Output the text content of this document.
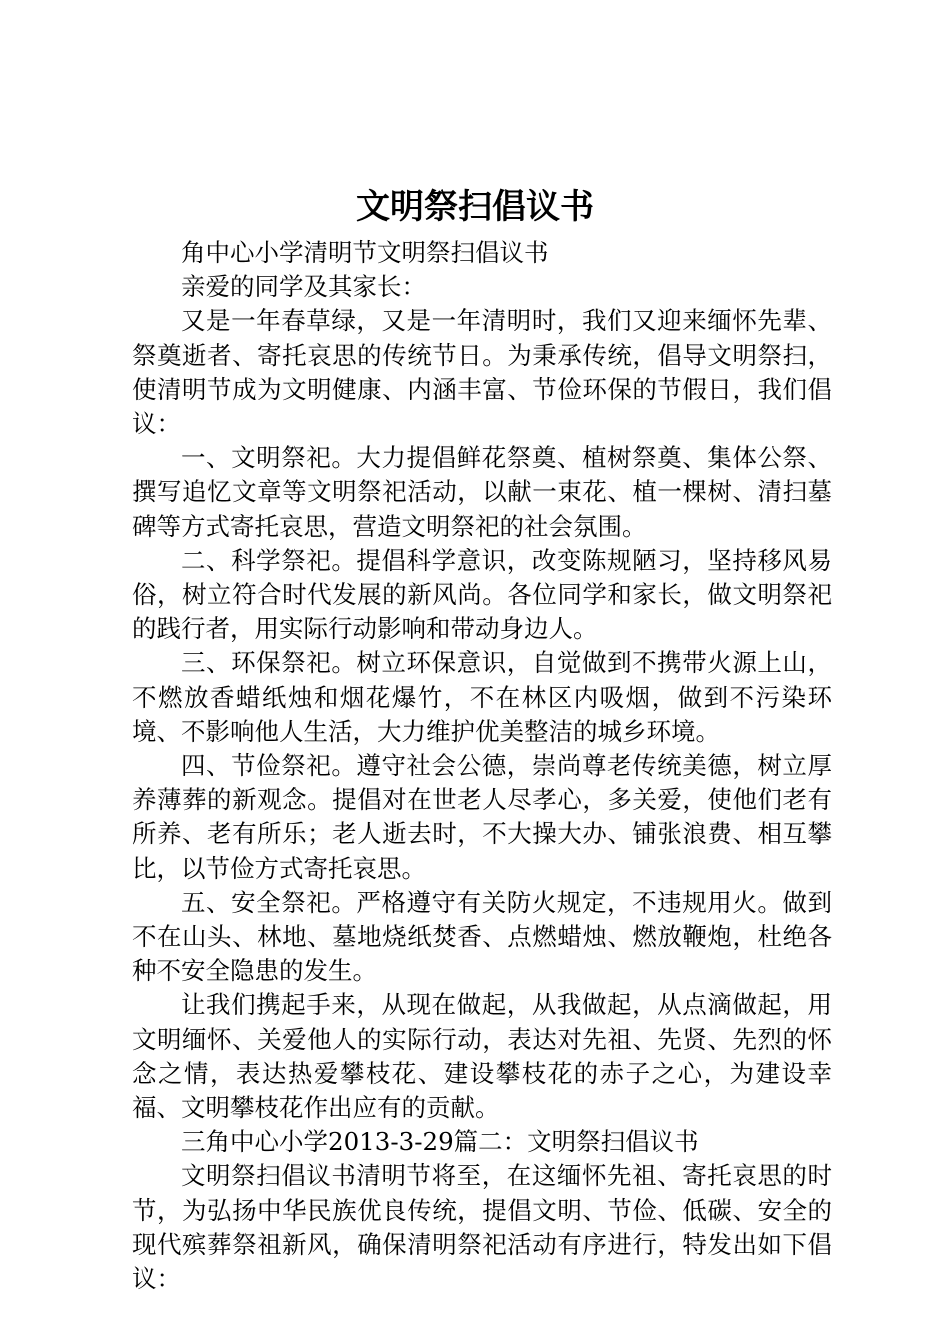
文明祭扫倡议书

角中心小学清明节文明祭扫倡议书

亲爱的同学及其家长：

又是一年春草绿，又是一年清明时，我们又迎来缅怀先辈、祭奠逝者、寄托哀思的传统节日。为秉承传统，倡导文明祭扫，使清明节成为文明健康、内涵丰富、节俭环保的节假日，我们倡议：

一、文明祭祀。大力提倡鲜花祭奠、植树祭奠、集体公祭、撰写追忆文章等文明祭祀活动，以献一束花、植一棵树、清扫墓碑等方式寄托哀思，营造文明祭祀的社会氛围。

二、科学祭祀。提倡科学意识，改变陈规陋习，坚持移风易俗，树立符合时代发展的新风尚。各位同学和家长，做文明祭祀的践行者，用实际行动影响和带动身边人。

三、环保祭祀。树立环保意识，自觉做到不携带火源上山，不燃放香蜡纸烛和烟花爆竹，不在林区内吸烟，做到不污染环境、不影响他人生活，大力维护优美整洁的城乡环境。

四、节俭祭祀。遵守社会公德，崇尚尊老传统美德，树立厚养薄葬的新观念。提倡对在世老人尽孝心，多关爱，使他们老有所养、老有所乐；老人逝去时，不大操大办、铺张浪费、相互攀比，以节俭方式寄托哀思。

五、安全祭祀。严格遵守有关防火规定，不违规用火。做到不在山头、林地、墓地烧纸焚香、点燃蜡烛、燃放鞭炮，杜绝各种不安全隐患的发生。

让我们携起手来，从现在做起，从我做起，从点滴做起，用文明缅怀、关爱他人的实际行动，表达对先祖、先贤、先烈的怀念之情，表达热爱攀枝花、建设攀枝花的赤子之心，为建设幸福、文明攀枝花作出应有的贡献。

三角中心小学2013-3-29篇二：文明祭扫倡议书

文明祭扫倡议书清明节将至，在这缅怀先祖、寄托哀思的时节，为弘扬中华民族优良传统，提倡文明、节俭、低碳、安全的现代殡葬祭祖新风，确保清明祭祀活动有序进行，特发出如下倡议：
